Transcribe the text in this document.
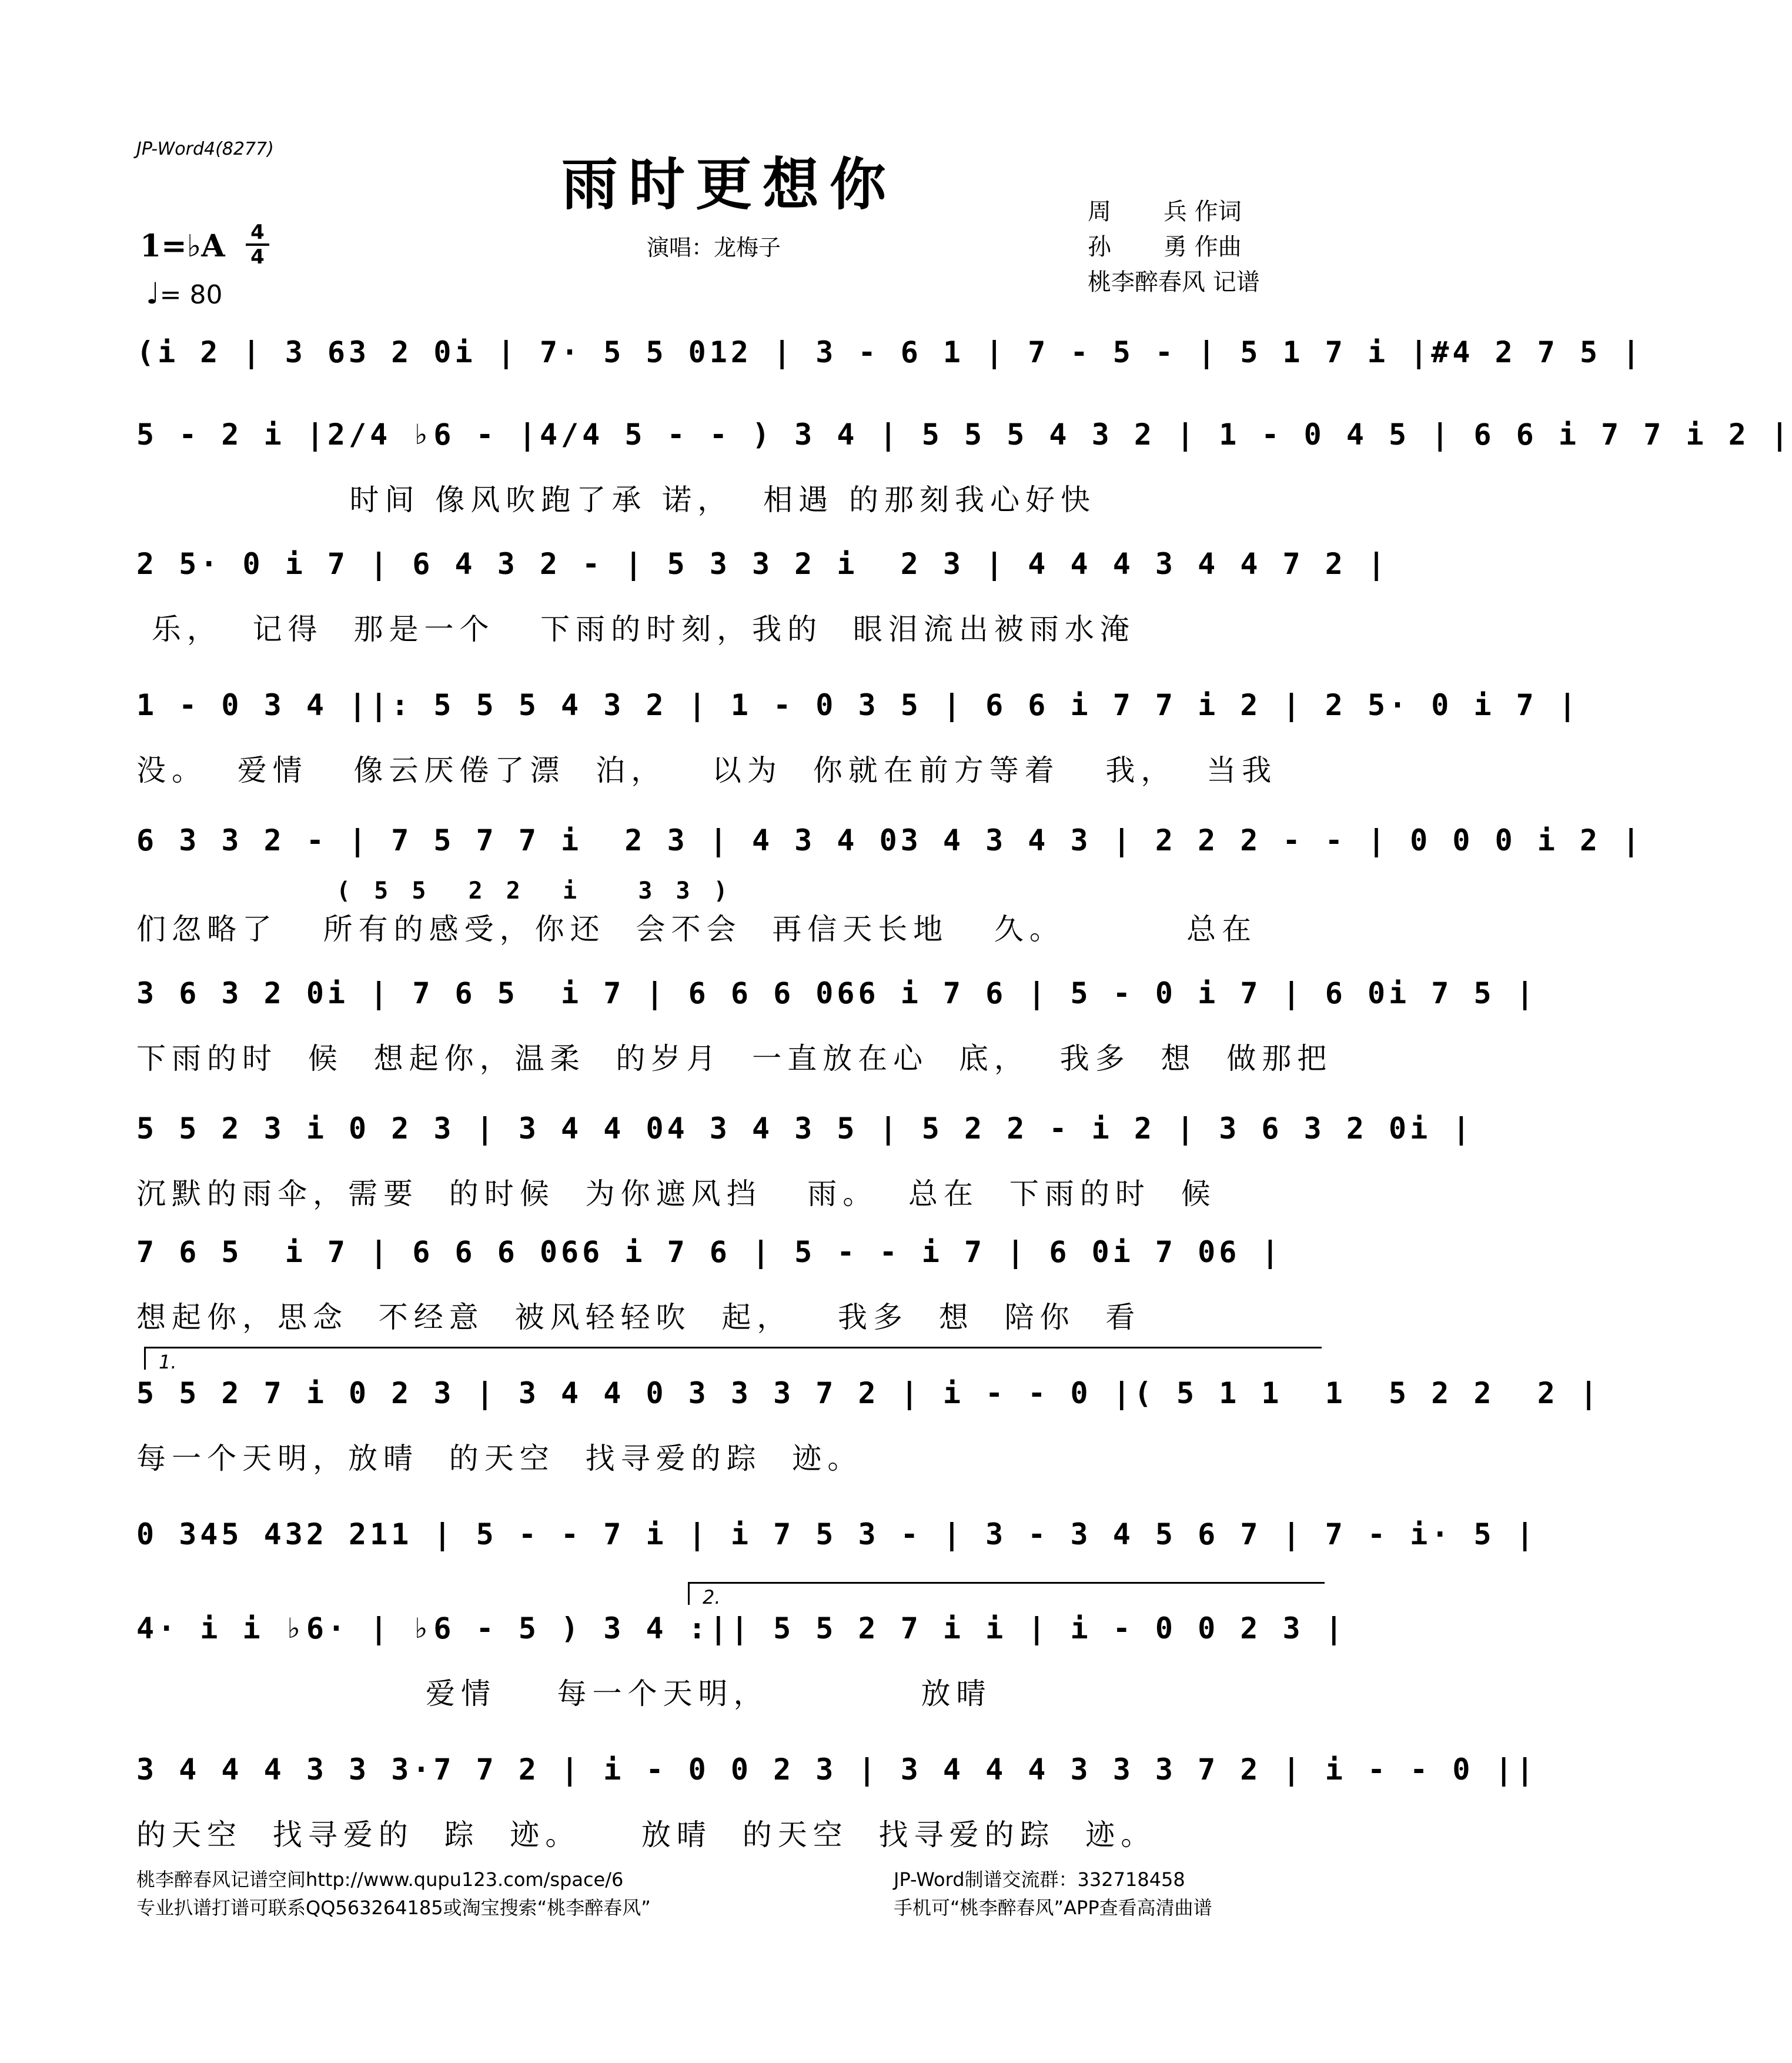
JP-Word4(8277)
雨时更想你
1=♭A 4
4
♩= 80
演唱：龙梅子
周       兵 作词
孙       勇 作曲
桃李醉春风 记谱
(i 2 | 3 63 2 0i | 7· 5 5 012 | 3 - 6 1 | 7 - 5 - | 5 1 7 i |#4 2 7 5 |
5 - 2 i |2/4 ♭6 - |4/4 5 - - ) 3 4 | 5 5 5 4 3 2 | 1 - 0 4 5 | 6 6 i 7 7 i 2 |
时间 像风吹跑了承 诺，  相遇 的那刻我心好快
2 5· 0 i 7 | 6 4 3 2 - | 5 3 3 2 i  2 3 | 4 4 4 3 4 4 7 2 |
乐，  记得  那是一个   下雨的时刻，我的  眼泪流出被雨水淹
1 - 0 3 4 ||: 5 5 5 4 3 2 | 1 - 0 3 5 | 6 6 i 7 7 i 2 | 2 5· 0 i 7 |
没。  爱情   像云厌倦了漂  泊，   以为  你就在前方等着   我，  当我
6 3 3 2 - | 7 5 7 7 i  2 3 | 4 3 4 03 4 3 4 3 | 2 2 2 - - | 0 0 0 i 2 |
( 5 5  2 2  i   3 3 )
们忽略了   所有的感受，你还  会不会  再信天长地   久。        总在
3 6 3 2 0i | 7 6 5  i 7 | 6 6 6 066 i 7 6 | 5 - 0 i 7 | 6 0i 7 5 |
下雨的时  候  想起你，温柔  的岁月  一直放在心  底，  我多  想  做那把
5 5 2 3 i 0 2 3 | 3 4 4 04 3 4 3 5 | 5 2 2 - i 2 | 3 6 3 2 0i |
沉默的雨伞，需要  的时候  为你遮风挡   雨。  总在  下雨的时  候
7 6 5  i 7 | 6 6 6 066 i 7 6 | 5 - - i 7 | 6 0i 7 06 |
想起你，思念  不经意  被风轻轻吹  起，   我多  想  陪你  看
1.
5 5 2 7 i 0 2 3 | 3 4 4 0 3 3 3 7 2 | i - - 0 |( 5 1 1  1  5 2 2  2 |
每一个天明，放晴  的天空  找寻爱的踪  迹。
0 345 432 211 | 5 - - 7 i | i 7 5 3 - | 3 - 3 4 5 6 7 | 7 - i· 5 |
2.
4· i i ♭6· | ♭6 - 5 ) 3 4 :|| 5 5 2 7 i i | i - 0 0 2 3 |
爱情    每一个天明，          放晴
3 4 4 4 3 3 3·7 7 2 | i - 0 0 2 3 | 3 4 4 4 3 3 3 7 2 | i - - 0 ||
的天空  找寻爱的  踪  迹。    放晴  的天空  找寻爱的踪  迹。
桃李醉春风记谱空间http://www.qupu123.com/space/6
专业扒谱打谱可联系QQ563264185或淘宝搜索“桃李醉春风”
JP-Word制谱交流群：332718458
手机可“桃李醉春风”APP查看高清曲谱
